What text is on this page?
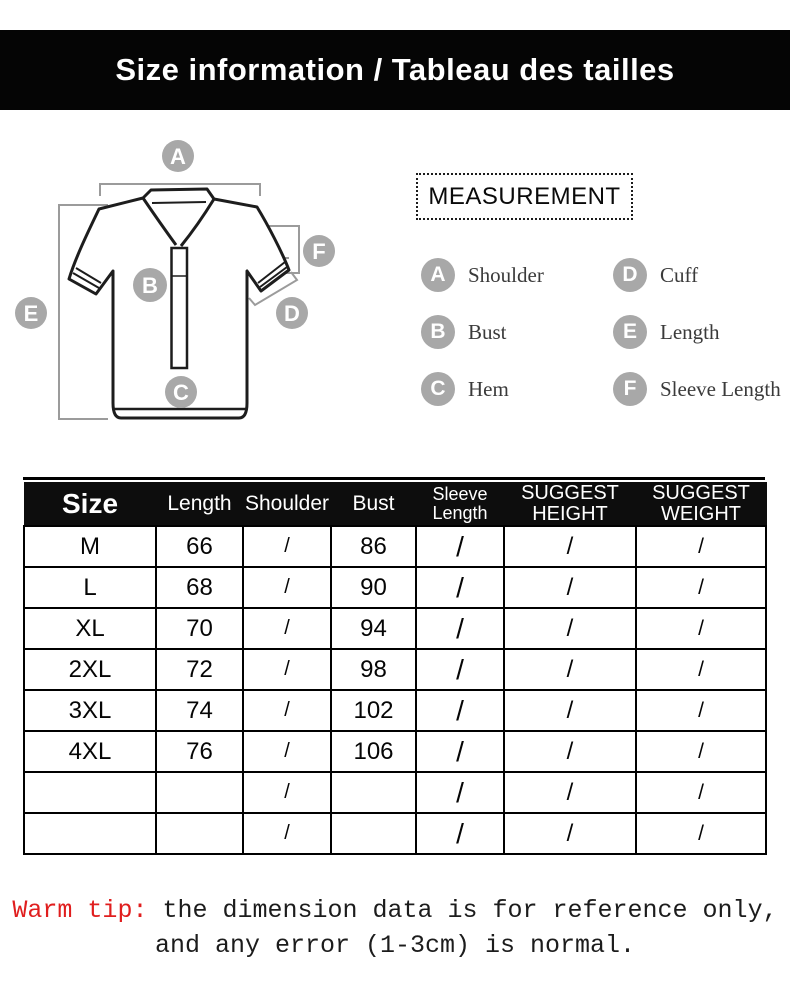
Size information / Tableau des tailles
A
B
C
D
E
F
MEASUREMENT
A	Shoulder
B	Bust
C	Hem
D	Cuff
E	Length
F	Sleeve Length
Size	Length	Shoulder	Bust	Sleeve Length	SUGGEST HEIGHT	SUGGEST WEIGHT
M	66	/	86	/	/	/
L	68	/	90	/	/	/
XL	70	/	94	/	/	/
2XL	72	/	98	/	/	/
3XL	74	/	102	/	/	/
4XL	76	/	106	/	/	/
		/		/	/	/
		/		/	/	/
Warm tip: the dimension data is for reference only,
and any error (1-3cm) is normal.
